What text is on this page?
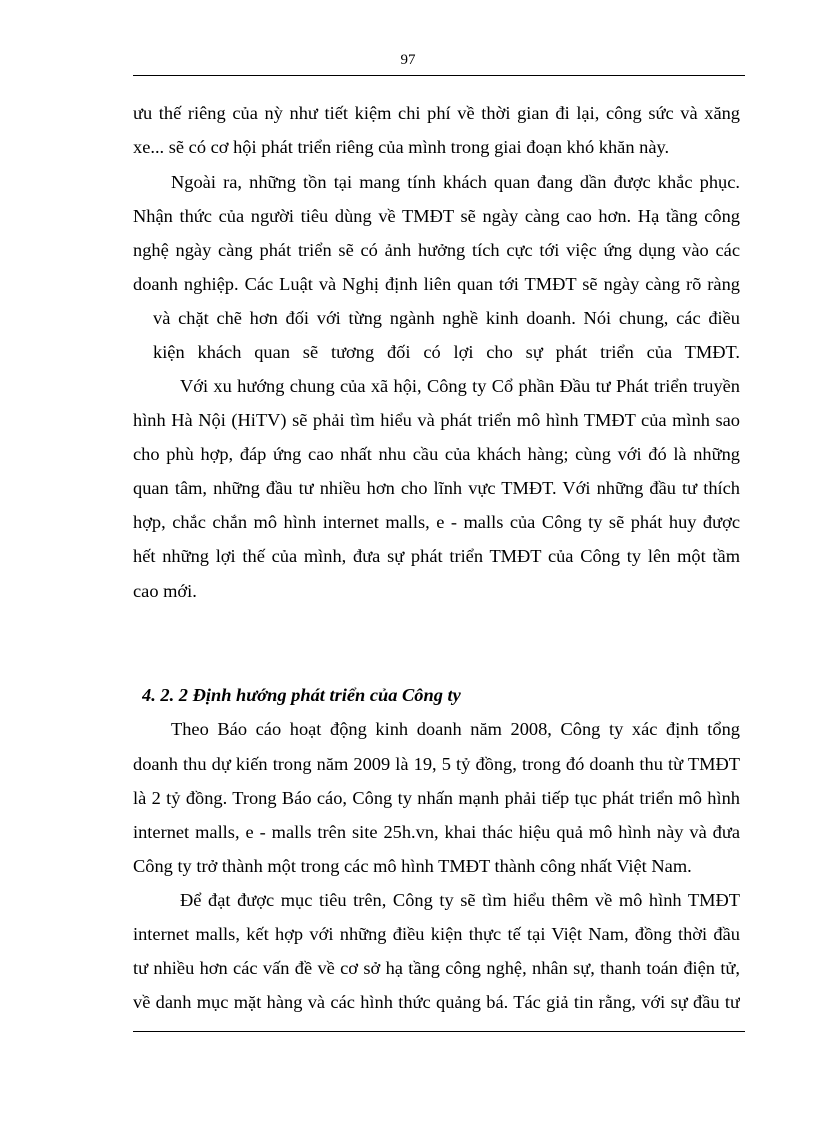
97
ưu thế riêng của nỳ như tiết kiệm chi phí về thời gian đi lại, công sức và xăng
xe... sẽ có cơ hội phát triển riêng của mình trong giai đoạn khó khăn này.
Ngoài ra, những tồn tại mang tính khách quan đang dần được khắc phục.
Nhận thức của người tiêu dùng về TMĐT sẽ ngày càng cao hơn. Hạ tầng công
nghệ ngày càng phát triển sẽ có ảnh hưởng tích cực tới việc ứng dụng vào các
doanh nghiệp. Các Luật và Nghị định liên quan tới TMĐT sẽ ngày càng rõ ràng
và chặt chẽ hơn đối với từng ngành nghề kinh doanh. Nói chung, các điều
kiện khách quan sẽ tương đối có lợi cho sự phát triển của TMĐT.
Với xu hướng chung của xã hội, Công ty Cổ phần Đầu tư Phát triển truyền
hình Hà Nội (HiTV) sẽ phải tìm hiểu và phát triển mô hình TMĐT của mình sao
cho phù hợp, đáp ứng cao nhất nhu cầu của khách hàng; cùng với đó là những
quan tâm, những đầu tư nhiều hơn cho lĩnh vực TMĐT. Với những đầu tư thích
hợp, chắc chắn mô hình internet malls, e - malls của Công ty sẽ phát huy được
hết những lợi thế của mình, đưa sự phát triển TMĐT của Công ty lên một tầm
cao mới.
4. 2. 2 Định hướng phát triển của Công ty
Theo Báo cáo hoạt động kinh doanh năm 2008, Công ty xác định tổng
doanh thu dự kiến trong năm 2009 là 19, 5 tỷ đồng, trong đó doanh thu từ TMĐT
là 2 tỷ đồng. Trong Báo cáo, Công ty nhấn mạnh phải tiếp tục phát triển mô hình
internet malls, e - malls trên site 25h.vn, khai thác hiệu quả mô hình này và đưa
Công ty trở thành một trong các mô hình TMĐT thành công nhất Việt Nam.
Để đạt được mục tiêu trên, Công ty sẽ tìm hiểu thêm về mô hình TMĐT
internet malls, kết hợp với những điều kiện thực tế tại Việt Nam, đồng thời đầu
tư nhiều hơn các vấn đề về cơ sở hạ tầng công nghệ, nhân sự, thanh toán điện tử,
về danh mục mặt hàng và các hình thức quảng bá. Tác giả tin rằng, với sự đầu tư
